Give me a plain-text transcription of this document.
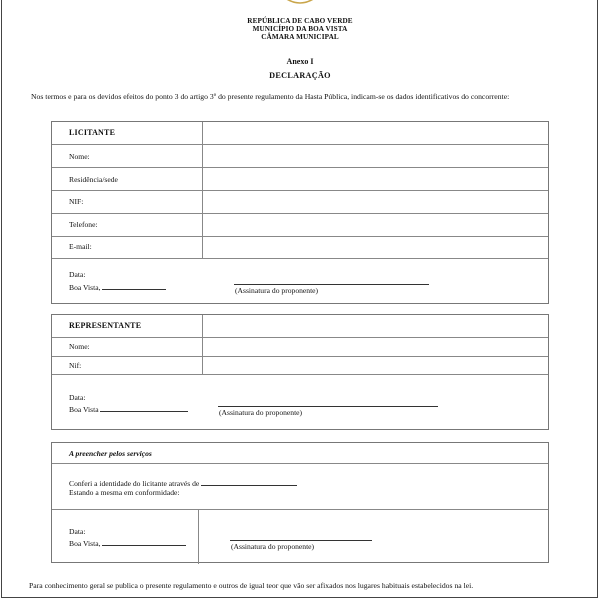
REPÚBLICA DE CABO VERDE
MUNICÍPIO DA BOA VISTA
CÂMARA MUNICIPAL
Anexo I
DECLARAÇÃO
Nos termos e para os devidos efeitos do ponto 3 do artigo 3º do presente regulamento da Hasta Pública, indicam-se os dados identificativos do concorrente:
LICITANTE
Nome:
Residência/sede
NIF:
Telefone:
E-mail:
Data:
Boa Vista,	(Assinatura do proponente)
REPRESENTANTE
Nome:
Nif:
Data:
Boa Vista	(Assinatura do proponente)
A preencher pelos serviços
Conferi a identidade do licitante através de
Estando a mesma em conformidade:
Data:
Boa Vista,	(Assinatura do proponente)
Para conhecimento geral se publica o presente regulamento e outros de igual teor que vão ser afixados nos lugares habituais estabelecidos na lei.
